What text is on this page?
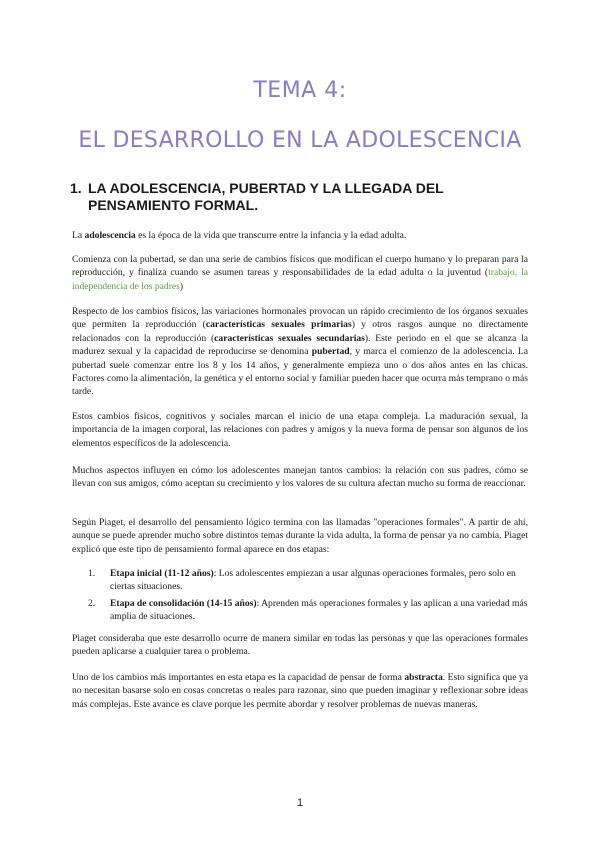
TEMA 4:
EL DESARROLLO EN LA ADOLESCENCIA
1. LA ADOLESCENCIA, PUBERTAD Y LA LLEGADA DEL PENSAMIENTO FORMAL.

La adolescencia es la época de la vida que transcurre entre la infancia y la edad adulta.

Comienza con la pubertad, se dan una serie de cambios físicos que modifican el cuerpo humano y lo preparan para la reproducción, y finaliza cuando se asumen tareas y responsabilidades de la edad adulta o la juventud (trabajo, la independencia de los padres)

Respecto de los cambios físicos, las variaciones hormonales provocan un rápido crecimiento de los órganos sexuales que permiten la reproducción (características sexuales primarias) y otros rasgos aunque no directamente relacionados con la reproducción (características sexuales secundarias). Este periodo en el que se alcanza la madurez sexual y la capacidad de reproducirse se denomina pubertad, y marca el comienzo de la adolescencia. La pubertad suele comenzar entre los 8 y los 14 años, y generalmente empieza uno o dos años antes en las chicas. Factores como la alimentación, la genética y el entorno social y familiar pueden hacer que ocurra más temprano o más tarde.

Estos cambios físicos, cognitivos y sociales marcan el inicio de una etapa compleja. La maduración sexual, la importancia de la imagen corporal, las relaciones con padres y amigos y la nueva forma de pensar son algunos de los elementos específicos de la adolescencia.

Muchos aspectos influyen en cómo los adolescentes manejan tantos cambios: la relación con sus padres, cómo se llevan con sus amigos, cómo aceptan su crecimiento y los valores de su cultura afectan mucho su forma de reaccionar.

Según Piaget, el desarrollo del pensamiento lógico termina con las llamadas "operaciones formales". A partir de ahí, aunque se puede aprender mucho sobre distintos temas durante la vida adulta, la forma de pensar ya no cambia. Piaget explicó que este tipo de pensamiento formal aparece en dos etapas:

1. Etapa inicial (11-12 años): Los adolescentes empiezan a usar algunas operaciones formales, pero solo en ciertas situaciones.
2. Etapa de consolidación (14-15 años): Aprenden más operaciones formales y las aplican a una variedad más amplia de situaciones.

Piaget consideraba que este desarrollo ocurre de manera similar en todas las personas y que las operaciones formales pueden aplicarse a cualquier tarea o problema.

Uno de los cambios más importantes en esta etapa es la capacidad de pensar de forma abstracta. Esto significa que ya no necesitan basarse solo en cosas concretas o reales para razonar, sino que pueden imaginar y reflexionar sobre ideas más complejas. Este avance es clave porque les permite abordar y resolver problemas de nuevas maneras.

1
